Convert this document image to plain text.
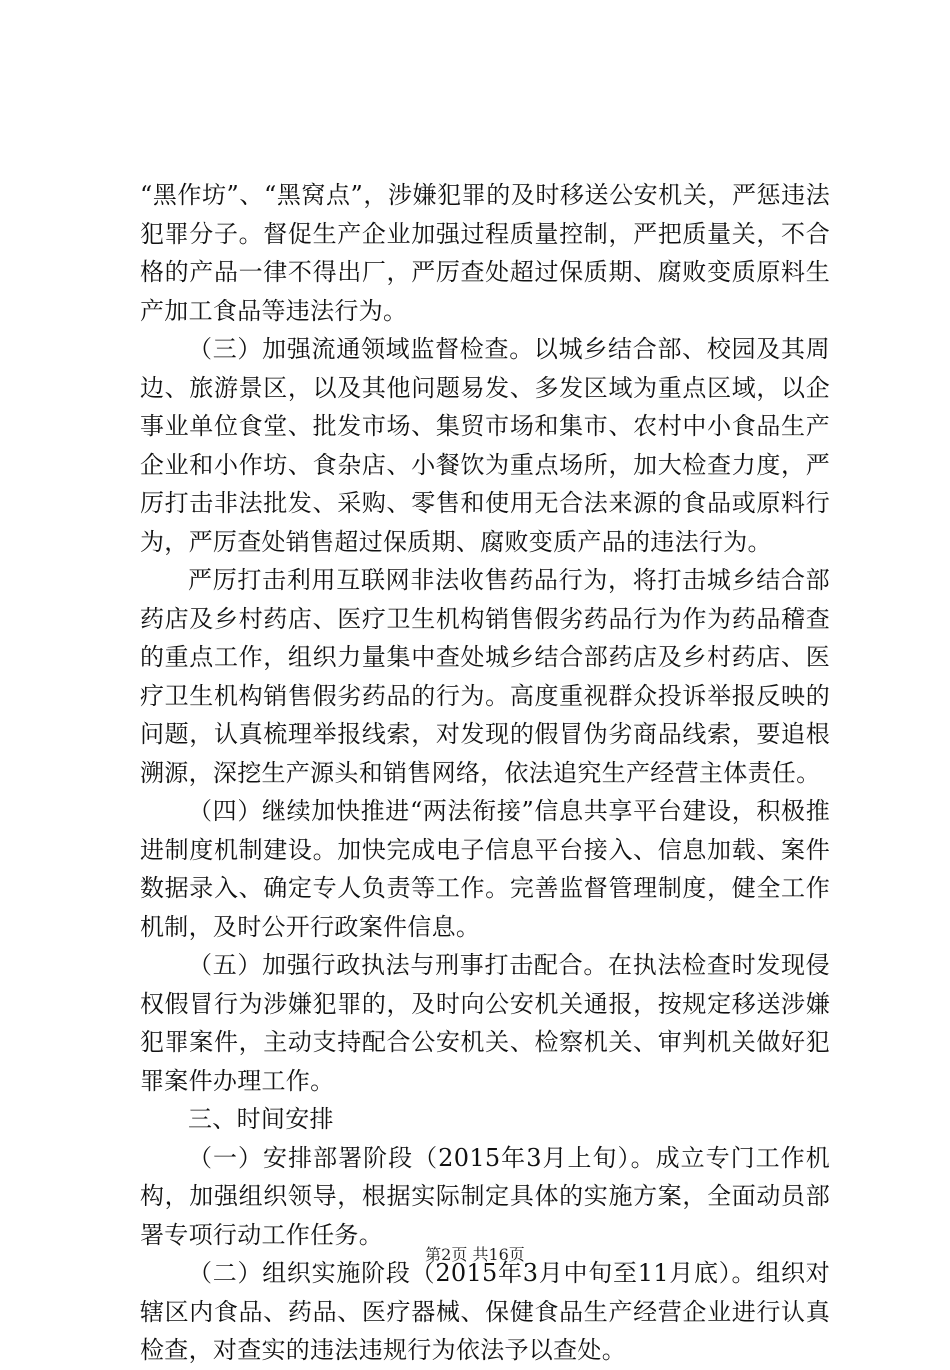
“黑作坊”、“黑窝点”，涉嫌犯罪的及时移送公安机关，严惩违法犯罪分子。督促生产企业加强过程质量控制，严把质量关，不合格的产品一律不得出厂，严厉查处超过保质期、腐败变质原料生产加工食品等违法行为。

（三）加强流通领域监督检查。以城乡结合部、校园及其周边、旅游景区，以及其他问题易发、多发区域为重点区域，以企事业单位食堂、批发市场、集贸市场和集市、农村中小食品生产企业和小作坊、食杂店、小餐饮为重点场所，加大检查力度，严厉打击非法批发、采购、零售和使用无合法来源的食品或原料行为，严厉查处销售超过保质期、腐败变质产品的违法行为。

严厉打击利用互联网非法收售药品行为，将打击城乡结合部药店及乡村药店、医疗卫生机构销售假劣药品行为作为药品稽查的重点工作，组织力量集中查处城乡结合部药店及乡村药店、医疗卫生机构销售假劣药品的行为。高度重视群众投诉举报反映的问题，认真梳理举报线索，对发现的假冒伪劣商品线索，要追根溯源，深挖生产源头和销售网络，依法追究生产经营主体责任。

（四）继续加快推进“两法衔接”信息共享平台建设，积极推进制度机制建设。加快完成电子信息平台接入、信息加载、案件数据录入、确定专人负责等工作。完善监督管理制度，健全工作机制，及时公开行政案件信息。

（五）加强行政执法与刑事打击配合。在执法检查时发现侵权假冒行为涉嫌犯罪的，及时向公安机关通报，按规定移送涉嫌犯罪案件，主动支持配合公安机关、检察机关、审判机关做好犯罪案件办理工作。

三、时间安排

（一）安排部署阶段（2015年3月上旬）。成立专门工作机构，加强组织领导，根据实际制定具体的实施方案，全面动员部署专项行动工作任务。

（二）组织实施阶段（2015年3月中旬至11月底）。组织对辖区内食品、药品、医疗器械、保健食品生产经营企业进行认真检查，对查实的违法违规行为依法予以查处。

第2页 共16页
